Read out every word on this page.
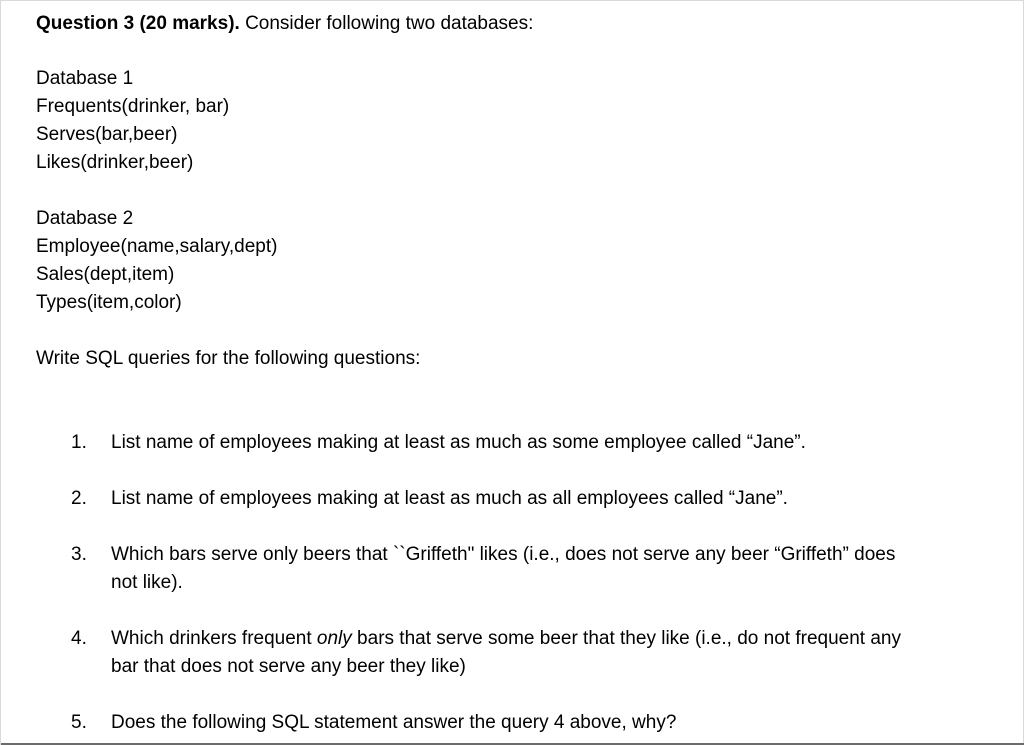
Question 3 (20 marks). Consider following two databases:
Database 1
Frequents(drinker, bar)
Serves(bar,beer)
Likes(drinker,beer)
Database 2
Employee(name,salary,dept)
Sales(dept,item)
Types(item,color)
Write SQL queries for the following questions:
1.	List name of employees making at least as much as some employee called “Jane”.
2.	List name of employees making at least as much as all employees called “Jane”.
3.	Which bars serve only beers that ``Griffeth" likes (i.e., does not serve any beer “Griffeth” does
not like).
4.	Which drinkers frequent only bars that serve some beer that they like (i.e., do not frequent any
bar that does not serve any beer they like)
5.	Does the following SQL statement answer the query 4 above, why?
